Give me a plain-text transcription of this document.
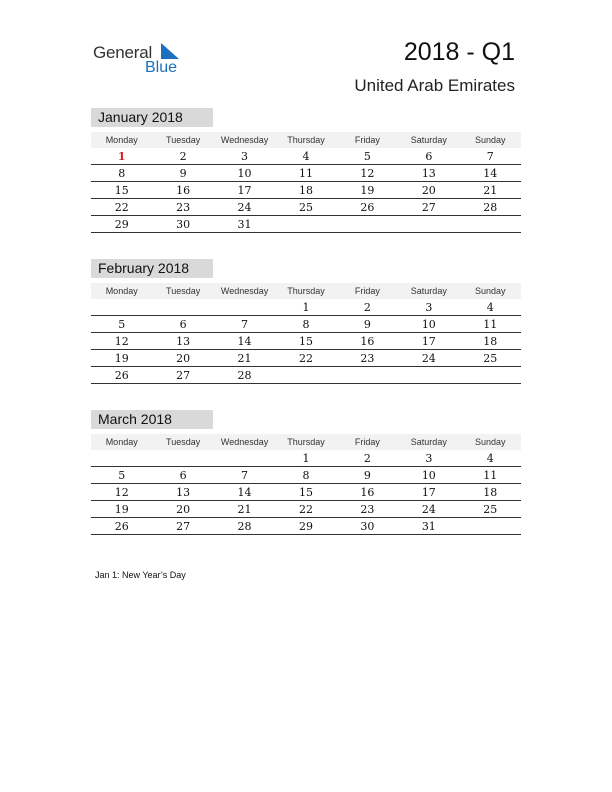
General
Blue
2018 - Q1
United Arab Emirates
January 2018
Monday	Tuesday	Wednesday	Thursday	Friday	Saturday	Sunday
1	2	3	4	5	6	7
8	9	10	11	12	13	14
15	16	17	18	19	20	21
22	23	24	25	26	27	28
29	30	31				
February 2018
Monday	Tuesday	Wednesday	Thursday	Friday	Saturday	Sunday
			1	2	3	4
5	6	7	8	9	10	11
12	13	14	15	16	17	18
19	20	21	22	23	24	25
26	27	28				
March 2018
Monday	Tuesday	Wednesday	Thursday	Friday	Saturday	Sunday
			1	2	3	4
5	6	7	8	9	10	11
12	13	14	15	16	17	18
19	20	21	22	23	24	25
26	27	28	29	30	31	
Jan 1: New Year’s Day
